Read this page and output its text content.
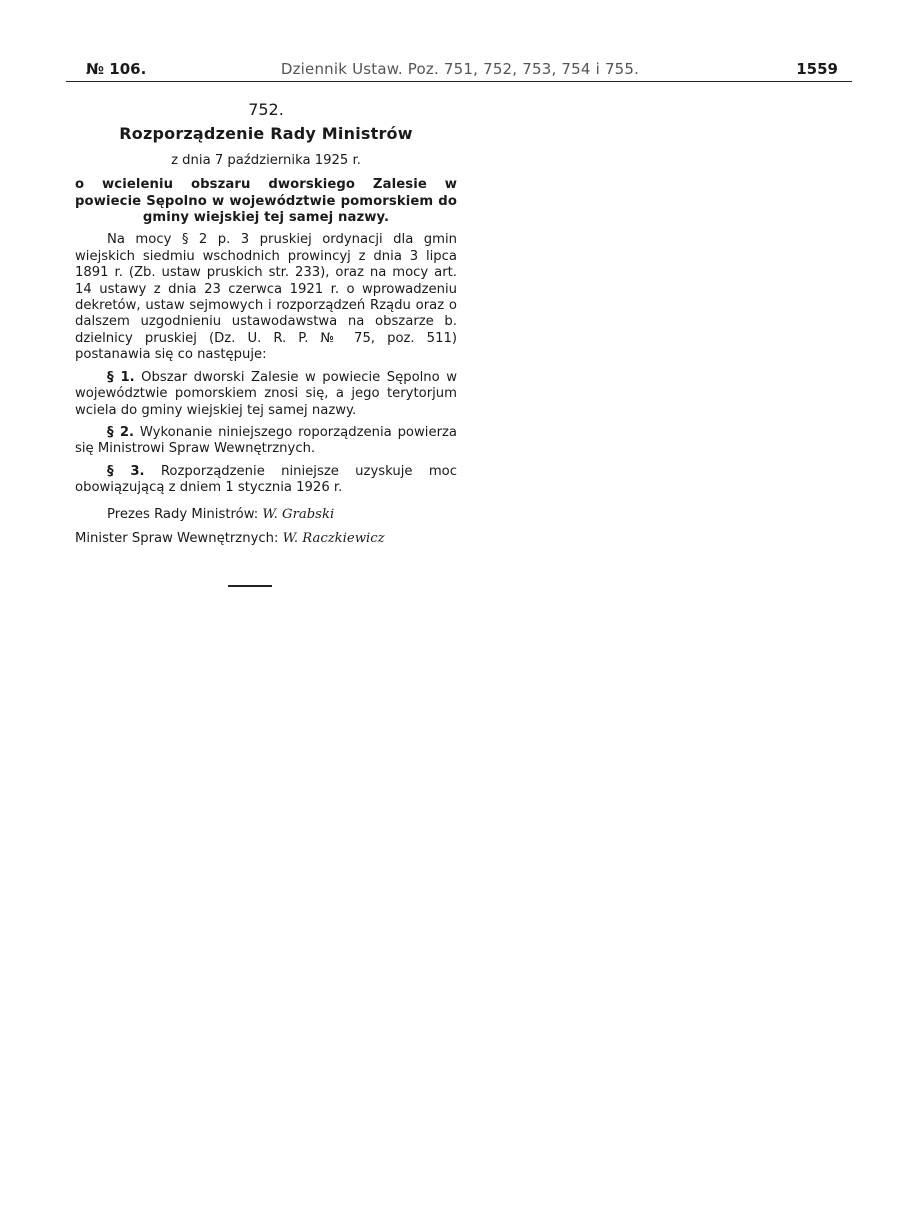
№ 106.	Dziennik Ustaw. Poz. 751, 752, 753, 754 i 755.	1559
752.
Rozporządzenie Rady Ministrów
z dnia 7 października 1925 r.
o wcieleniu obszaru dworskiego Zalesie w powiecie Sępolno w województwie pomorskiem do gminy wiejskiej tej samej nazwy.

Na mocy § 2 p. 3 pruskiej ordynacji dla gmin wiejskich siedmiu wschodnich prowincyj z dnia 3 lipca 1891 r. (Zb. ustaw pruskich str. 233), oraz na mocy art. 14 ustawy z dnia 23 czerwca 1921 r. o wprowadzeniu dekretów, ustaw sejmowych i rozporządzeń Rządu oraz o dalszem uzgodnieniu ustawodawstwa na obszarze b. dzielnicy pruskiej (Dz. U. R. P. № 75, poz. 511) postanawia się co następuje:

§ 1. Obszar dworski Zalesie w powiecie Sępolno w województwie pomorskiem znosi się, a jego terytorjum wciela do gminy wiejskiej tej samej nazwy.

§ 2. Wykonanie niniejszego roporządzenia powierza się Ministrowi Spraw Wewnętrznych.

§ 3. Rozporządzenie niniejsze uzyskuje moc obowiązującą z dniem 1 stycznia 1926 r.

Prezes Rady Ministrów: W. Grabski
Minister Spraw Wewnętrznych: W. Raczkiewicz
